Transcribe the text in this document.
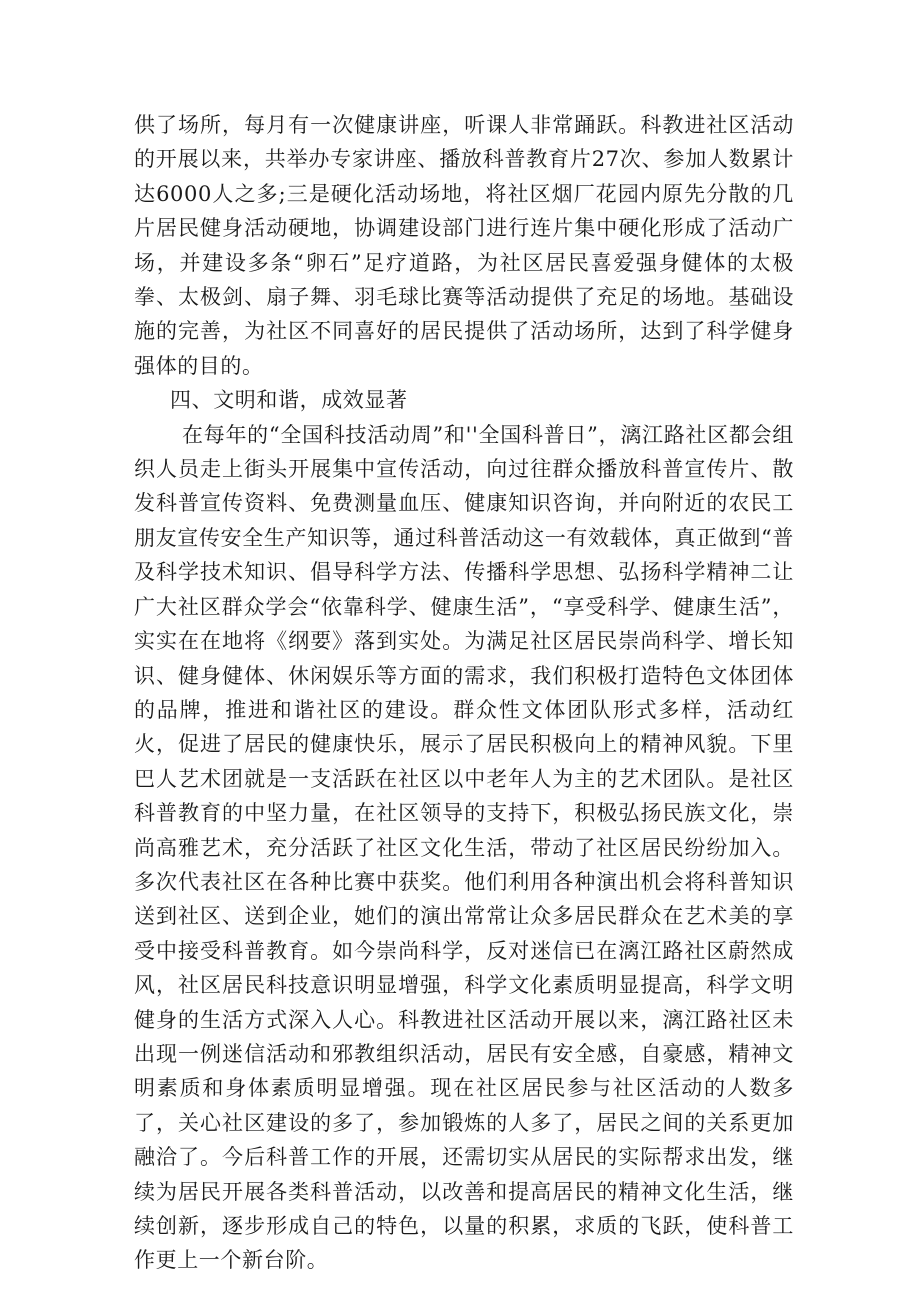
供了场所，每月有一次健康讲座，听课人非常踊跃。科教进社区活动的开展以来，共举办专家讲座、播放科普教育片27次、参加人数累计达6000人之多;三是硬化活动场地，将社区烟厂花园内原先分散的几片居民健身活动硬地，协调建设部门进行连片集中硬化形成了活动广场，并建设多条“卵石”足疗道路，为社区居民喜爱强身健体的太极拳、太极剑、扇子舞、羽毛球比赛等活动提供了充足的场地。基础设施的完善，为社区不同喜好的居民提供了活动场所，达到了科学健身强体的目的。

四、文明和谐，成效显著

在每年的“全国科技活动周”和''全国科普日”，漓江路社区都会组织人员走上街头开展集中宣传活动，向过往群众播放科普宣传片、散发科普宣传资料、免费测量血压、健康知识咨询，并向附近的农民工朋友宣传安全生产知识等，通过科普活动这一有效载体，真正做到“普及科学技术知识、倡导科学方法、传播科学思想、弘扬科学精神二让广大社区群众学会“依靠科学、健康生活”，“享受科学、健康生活”，实实在在地将《纲要》落到实处。为满足社区居民崇尚科学、增长知识、健身健体、休闲娱乐等方面的需求，我们积极打造特色文体团体的品牌，推进和谐社区的建设。群众性文体团队形式多样，活动红火，促进了居民的健康快乐，展示了居民积极向上的精神风貌。下里巴人艺术团就是一支活跃在社区以中老年人为主的艺术团队。是社区科普教育的中坚力量，在社区领导的支持下，积极弘扬民族文化，崇尚高雅艺术，充分活跃了社区文化生活，带动了社区居民纷纷加入。多次代表社区在各种比赛中获奖。他们利用各种演出机会将科普知识送到社区、送到企业，她们的演出常常让众多居民群众在艺术美的享受中接受科普教育。如今崇尚科学，反对迷信已在漓江路社区蔚然成风，社区居民科技意识明显增强，科学文化素质明显提高，科学文明健身的生活方式深入人心。科教进社区活动开展以来，漓江路社区未出现一例迷信活动和邪教组织活动，居民有安全感，自豪感，精神文明素质和身体素质明显增强。现在社区居民参与社区活动的人数多了，关心社区建设的多了，参加锻炼的人多了，居民之间的关系更加融洽了。今后科普工作的开展，还需切实从居民的实际帮求出发，继续为居民开展各类科普活动，以改善和提高居民的精神文化生活，继续创新，逐步形成自己的特色，以量的积累，求质的飞跃，使科普工作更上一个新台阶。
